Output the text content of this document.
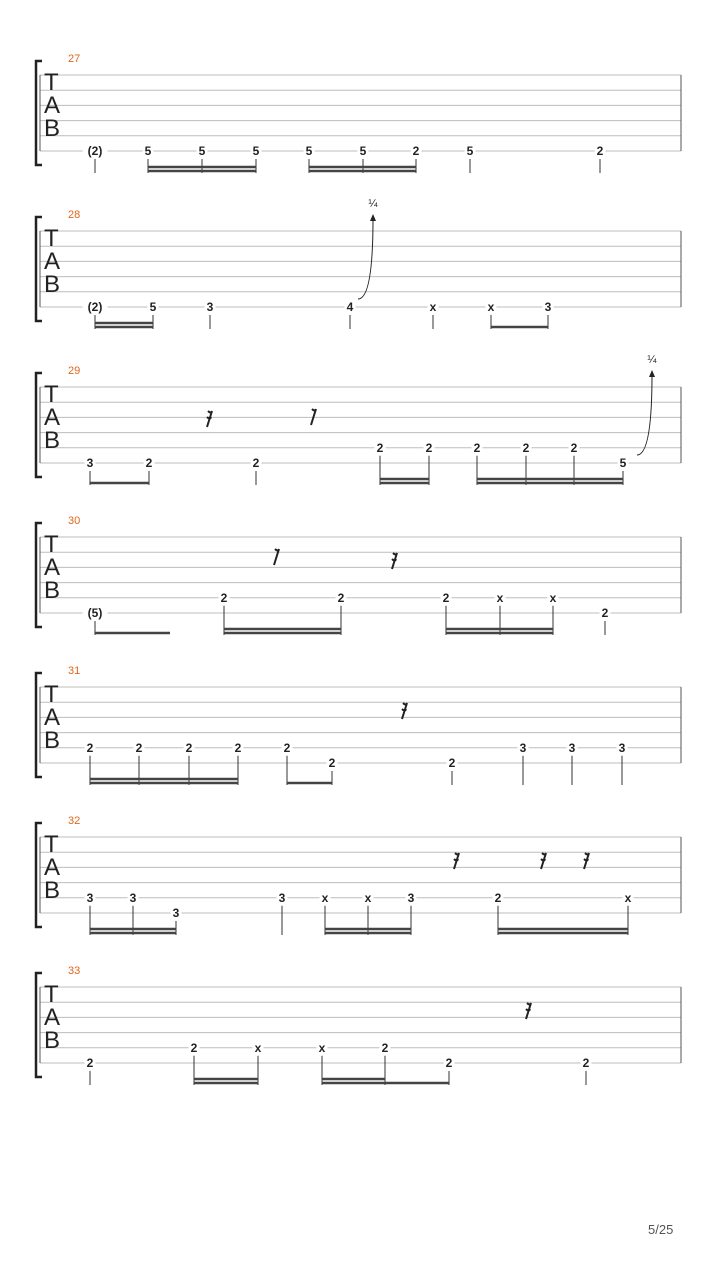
27
T
A
B
(2)	5	5	5	5	5	2	5	2
28
T
A
B
(2)	5	3	4	x	x	3
¼
29
T
A
B
3	2	2
2	2	2	2	2
5
¼
30
T
A
B
(5)
2	2	2	x	x
2
31
T
A
B 2	2	2	2	2
2	2
3	3	3
32
T
A
B 3	3
3
3	x	x	3	2	x
33
T
A
B
2
2	x	x	2
2	2
5/25
